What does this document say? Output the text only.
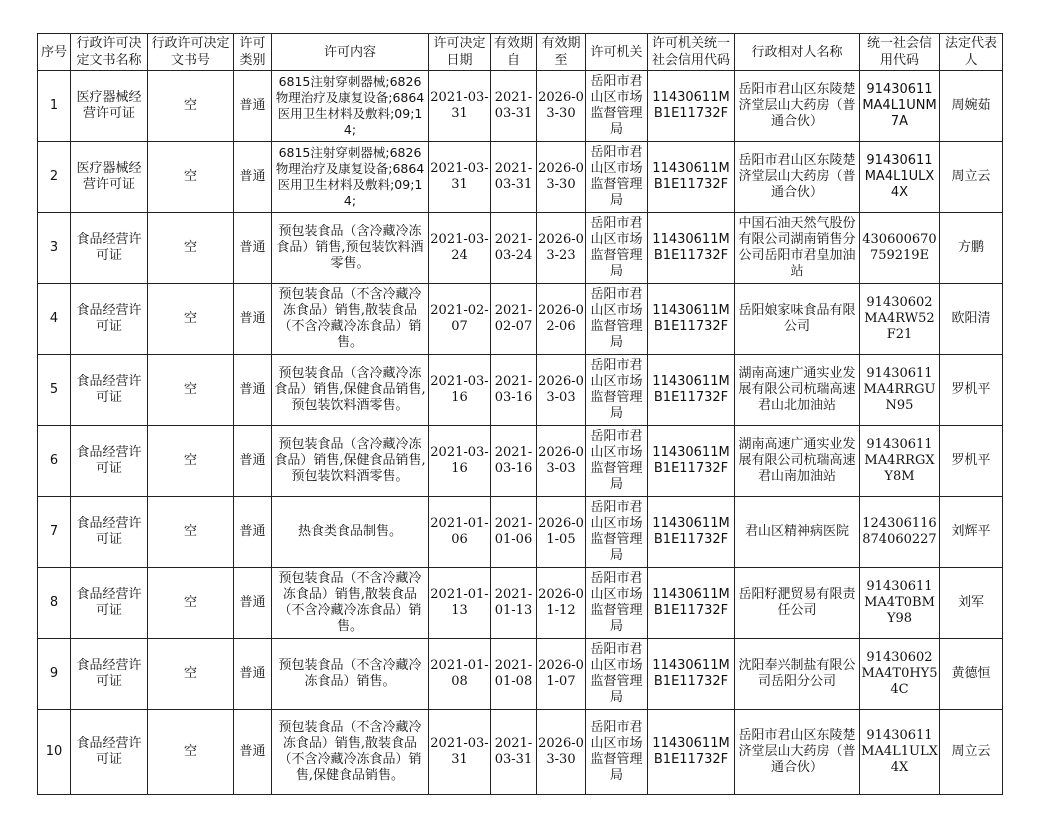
序号	行政许可决定文书名称	行政许可决定文书号	许可类别	许可内容	许可决定日期	有效期自	有效期至	许可机关	许可机关统一社会信用代码	行政相对人名称	统一社会信用代码	法定代表人
1	医疗器械经营许可证	空	普通	6815注射穿刺器械;6826物理治疗及康复设备;6864医用卫生材料及敷料;09;14;	2021-03-31	2021-03-31	2026-03-30	岳阳市君山区市场监督管理局	11430611MB1E11732F	岳阳市君山区东陵楚济堂层山大药房（普通合伙）	91430611MA4L1UNM7A	周婉茹
2	医疗器械经营许可证	空	普通	6815注射穿刺器械;6826物理治疗及康复设备;6864医用卫生材料及敷料;09;14;	2021-03-31	2021-03-31	2026-03-30	岳阳市君山区市场监督管理局	11430611MB1E11732F	岳阳市君山区东陵楚济堂层山大药房（普通合伙）	91430611MA4L1ULX4X	周立云
3	食品经营许可证	空	普通	预包装食品（含冷藏冷冻食品）销售,预包装饮料酒零售。	2021-03-24	2021-03-24	2026-03-23	岳阳市君山区市场监督管理局	11430611MB1E11732F	中国石油天然气股份有限公司湖南销售分公司岳阳市君皇加油站	430600670759219E	方鹏
4	食品经营许可证	空	普通	预包装食品（不含冷藏冷冻食品）销售,散装食品（不含冷藏冷冻食品）销售。	2021-02-07	2021-02-07	2026-02-06	岳阳市君山区市场监督管理局	11430611MB1E11732F	岳阳娘家味食品有限公司	91430602MA4RW52F21	欧阳清
5	食品经营许可证	空	普通	预包装食品（含冷藏冷冻食品）销售,保健食品销售,预包装饮料酒零售。	2021-03-16	2021-03-16	2026-03-03	岳阳市君山区市场监督管理局	11430611MB1E11732F	湖南高速广通实业发展有限公司杭瑞高速君山北加油站	91430611MA4RRGUN95	罗机平
6	食品经营许可证	空	普通	预包装食品（含冷藏冷冻食品）销售,保健食品销售,预包装饮料酒零售。	2021-03-16	2021-03-16	2026-03-03	岳阳市君山区市场监督管理局	11430611MB1E11732F	湖南高速广通实业发展有限公司杭瑞高速君山南加油站	91430611MA4RRGXY8M	罗机平
7	食品经营许可证	空	普通	热食类食品制售。	2021-01-06	2021-01-06	2026-01-05	岳阳市君山区市场监督管理局	11430611MB1E11732F	君山区精神病医院	124306116874060227	刘辉平
8	食品经营许可证	空	普通	预包装食品（不含冷藏冷冻食品）销售,散装食品（不含冷藏冷冻食品）销售。	2021-01-13	2021-01-13	2026-01-12	岳阳市君山区市场监督管理局	11430611MB1E11732F	岳阳籽淝贸易有限责任公司	91430611MA4T0BMY98	刘军
9	食品经营许可证	空	普通	预包装食品（不含冷藏冷冻食品）销售。	2021-01-08	2021-01-08	2026-01-07	岳阳市君山区市场监督管理局	11430611MB1E11732F	沈阳奉兴制盐有限公司岳阳分公司	91430602MA4T0HY54C	黄德恒
10	食品经营许可证	空	普通	预包装食品（不含冷藏冷冻食品）销售,散装食品（不含冷藏冷冻食品）销售,保健食品销售。	2021-03-31	2021-03-31	2026-03-30	岳阳市君山区市场监督管理局	11430611MB1E11732F	岳阳市君山区东陵楚济堂层山大药房（普通合伙）	91430611MA4L1ULX4X	周立云
